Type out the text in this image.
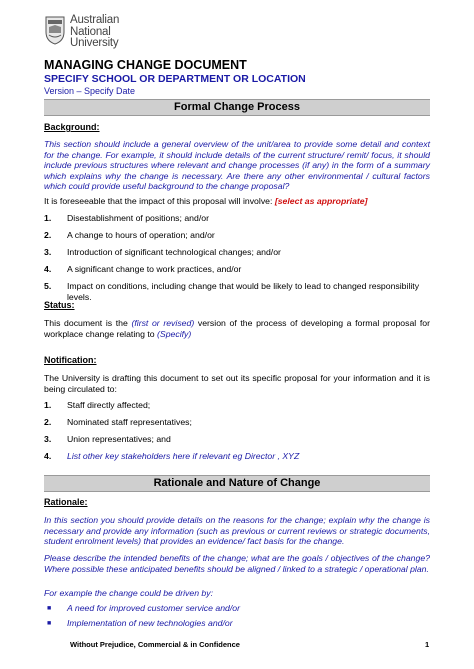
Australian
National
University
MANAGING CHANGE DOCUMENT
SPECIFY SCHOOL OR DEPARTMENT OR LOCATION
Version – Specify Date
Formal Change Process
Background:
This section should include a general overview of the unit/area to provide some detail and context for the change. For example, it should include details of the current structure/ remit/ focus, it should include previous structures where relevant and change processes (if any) in the form of a summary which explains why the change is necessary. Are there any other environmental / cultural factors which could provide useful background to the change proposal?
It is foreseeable that the impact of this proposal will involve: [select as appropriate]
1. Disestablishment of positions; and/or
2. A change to hours of operation; and/or
3. Introduction of significant technological changes; and/or
4. A significant change to work practices, and/or
5. Impact on conditions, including change that would be likely to lead to changed responsibility levels.
Status:
This document is the (first or revised) version of the process of developing a formal proposal for workplace change relating to (Specify)
Notification:
The University is drafting this document to set out its specific proposal for your information and it is being circulated to:
1. Staff directly affected;
2. Nominated staff representatives;
3. Union representatives; and
4. List other key stakeholders here if relevant eg Director , XYZ
Rationale and Nature of Change
Rationale:
In this section you should provide details on the reasons for the change; explain why the change is necessary and provide any information (such as previous or current reviews or strategic documents, student enrolment levels) that provides an evidence/ fact basis for the change.
Please describe the intended benefits of the change; what are the goals / objectives of the change? Where possible these anticipated benefits should be aligned / linked to a strategic / operational plan.
For example the change could be driven by:
■ A need for improved customer service and/or
■ Implementation of new technologies and/or
Without Prejudice, Commercial & in Confidence	1
